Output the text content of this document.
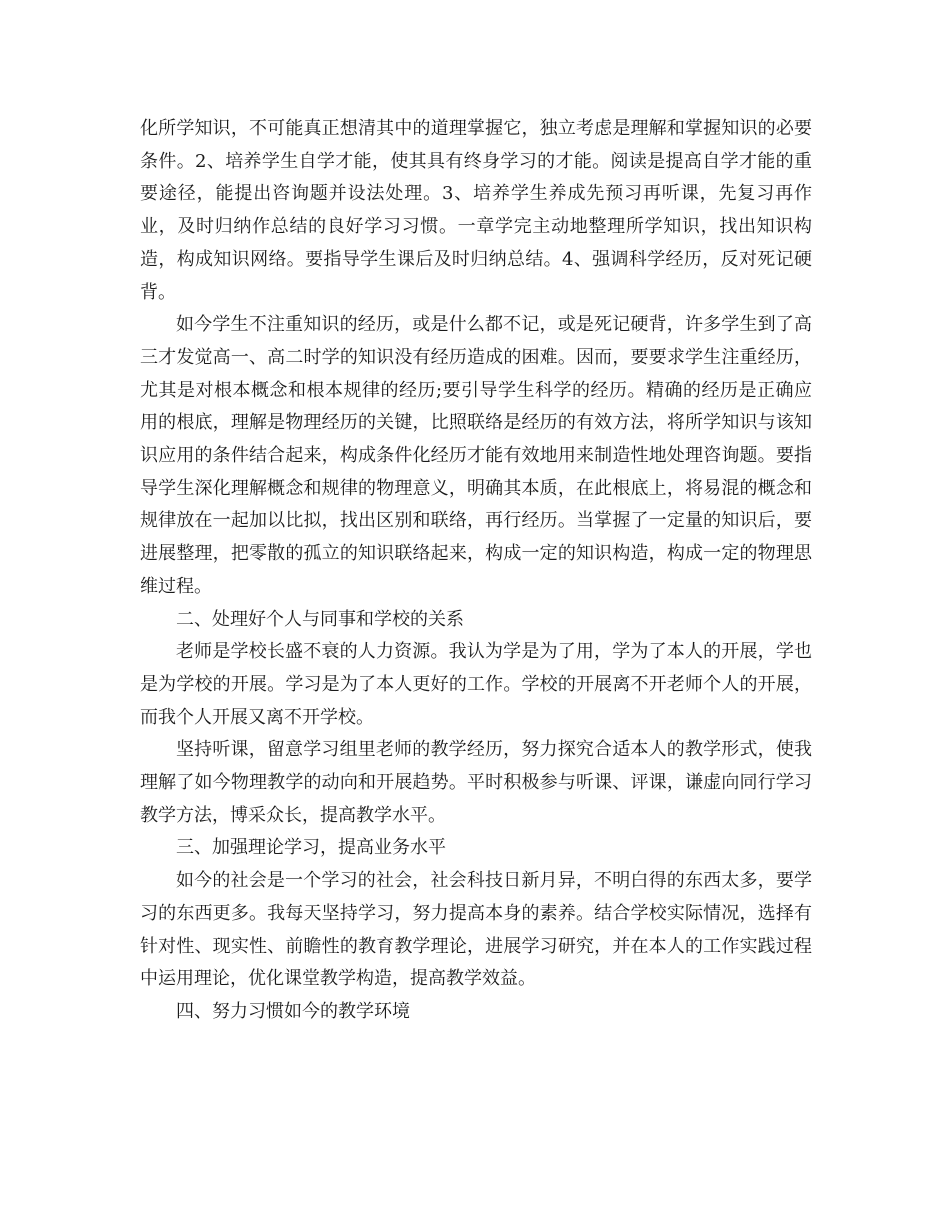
化所学知识，不可能真正想清其中的道理掌握它，独立考虑是理解和掌握知识的必要条件。2、培养学生自学才能，使其具有终身学习的才能。阅读是提高自学才能的重要途径，能提出咨询题并设法处理。3、培养学生养成先预习再听课，先复习再作业，及时归纳作总结的良好学习习惯。一章学完主动地整理所学知识，找出知识构造，构成知识网络。要指导学生课后及时归纳总结。4、强调科学经历，反对死记硬背。

如今学生不注重知识的经历，或是什么都不记，或是死记硬背，许多学生到了高三才发觉高一、高二时学的知识没有经历造成的困难。因而，要要求学生注重经历，尤其是对根本概念和根本规律的经历;要引导学生科学的经历。精确的经历是正确应用的根底，理解是物理经历的关键，比照联络是经历的有效方法，将所学知识与该知识应用的条件结合起来，构成条件化经历才能有效地用来制造性地处理咨询题。要指导学生深化理解概念和规律的物理意义，明确其本质，在此根底上，将易混的概念和规律放在一起加以比拟，找出区别和联络，再行经历。当掌握了一定量的知识后，要进展整理，把零散的孤立的知识联络起来，构成一定的知识构造，构成一定的物理思维过程。

二、处理好个人与同事和学校的关系

老师是学校长盛不衰的人力资源。我认为学是为了用，学为了本人的开展，学也是为学校的开展。学习是为了本人更好的工作。学校的开展离不开老师个人的开展，而我个人开展又离不开学校。

坚持听课，留意学习组里老师的教学经历，努力探究合适本人的教学形式，使我理解了如今物理教学的动向和开展趋势。平时积极参与听课、评课，谦虚向同行学习教学方法，博采众长，提高教学水平。

三、加强理论学习，提高业务水平

如今的社会是一个学习的社会，社会科技日新月异，不明白得的东西太多，要学习的东西更多。我每天坚持学习，努力提高本身的素养。结合学校实际情况，选择有针对性、现实性、前瞻性的教育教学理论，进展学习研究，并在本人的工作实践过程中运用理论，优化课堂教学构造，提高教学效益。

四、努力习惯如今的教学环境
